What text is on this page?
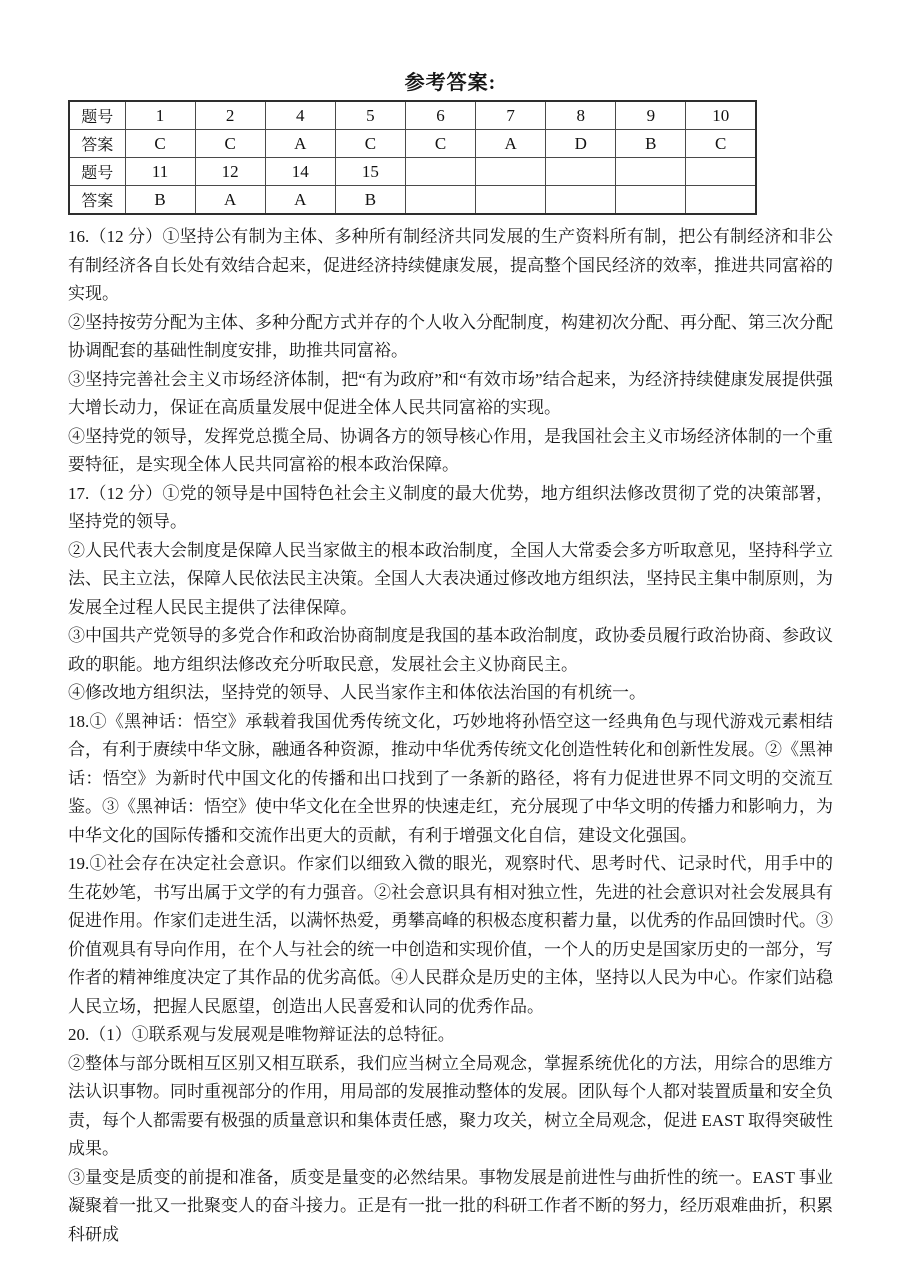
参考答案:
题号	1	2	4	5	6	7	8	9	10
答案	C	C	A	C	C	A	D	B	C
题号	11	12	14	15					
答案	B	A	A	B					

16.（12 分）①坚持公有制为主体、多种所有制经济共同发展的生产资料所有制，把公有制经济和非公有制经济各自长处有效结合起来，促进经济持续健康发展，提高整个国民经济的效率，推进共同富裕的实现。

②坚持按劳分配为主体、多种分配方式并存的个人收入分配制度，构建初次分配、再分配、第三次分配协调配套的基础性制度安排，助推共同富裕。

③坚持完善社会主义市场经济体制，把“有为政府”和“有效市场”结合起来，为经济持续健康发展提供强大增长动力，保证在高质量发展中促进全体人民共同富裕的实现。

④坚持党的领导，发挥党总揽全局、协调各方的领导核心作用，是我国社会主义市场经济体制的一个重要特征，是实现全体人民共同富裕的根本政治保障。

17.（12 分）①党的领导是中国特色社会主义制度的最大优势，地方组织法修改贯彻了党的决策部署，坚持党的领导。

②人民代表大会制度是保障人民当家做主的根本政治制度，全国人大常委会多方听取意见，坚持科学立法、民主立法，保障人民依法民主决策。全国人大表决通过修改地方组织法，坚持民主集中制原则，为发展全过程人民民主提供了法律保障。

③中国共产党领导的多党合作和政治协商制度是我国的基本政治制度，政协委员履行政治协商、参政议政的职能。地方组织法修改充分听取民意，发展社会主义协商民主。

④修改地方组织法，坚持党的领导、人民当家作主和体依法治国的有机统一。

18.①《黑神话：悟空》承载着我国优秀传统文化，巧妙地将孙悟空这一经典角色与现代游戏元素相结合，有利于赓续中华文脉，融通各种资源，推动中华优秀传统文化创造性转化和创新性发展。②《黑神话：悟空》为新时代中国文化的传播和出口找到了一条新的路径，将有力促进世界不同文明的交流互鉴。③《黑神话：悟空》使中华文化在全世界的快速走红，充分展现了中华文明的传播力和影响力，为中华文化的国际传播和交流作出更大的贡献，有利于增强文化自信，建设文化强国。

19.①社会存在决定社会意识。作家们以细致入微的眼光，观察时代、思考时代、记录时代，用手中的生花妙笔，书写出属于文学的有力强音。②社会意识具有相对独立性，先进的社会意识对社会发展具有促进作用。作家们走进生活，以满怀热爱，勇攀高峰的积极态度积蓄力量，以优秀的作品回馈时代。③价值观具有导向作用，在个人与社会的统一中创造和实现价值，一个人的历史是国家历史的一部分，写作者的精神维度决定了其作品的优劣高低。④人民群众是历史的主体，坚持以人民为中心。作家们站稳人民立场，把握人民愿望，创造出人民喜爱和认同的优秀作品。

20.（1）①联系观与发展观是唯物辩证法的总特征。

②整体与部分既相互区别又相互联系，我们应当树立全局观念，掌握系统优化的方法，用综合的思维方法认识事物。同时重视部分的作用，用局部的发展推动整体的发展。团队每个人都对装置质量和安全负责，每个人都需要有极强的质量意识和集体责任感，聚力攻关，树立全局观念，促进 EAST 取得突破性成果。

③量变是质变的前提和准备，质变是量变的必然结果。事物发展是前进性与曲折性的统一。EAST 事业凝聚着一批又一批聚变人的奋斗接力。正是有一批一批的科研工作者不断的努力，经历艰难曲折，积累科研成
